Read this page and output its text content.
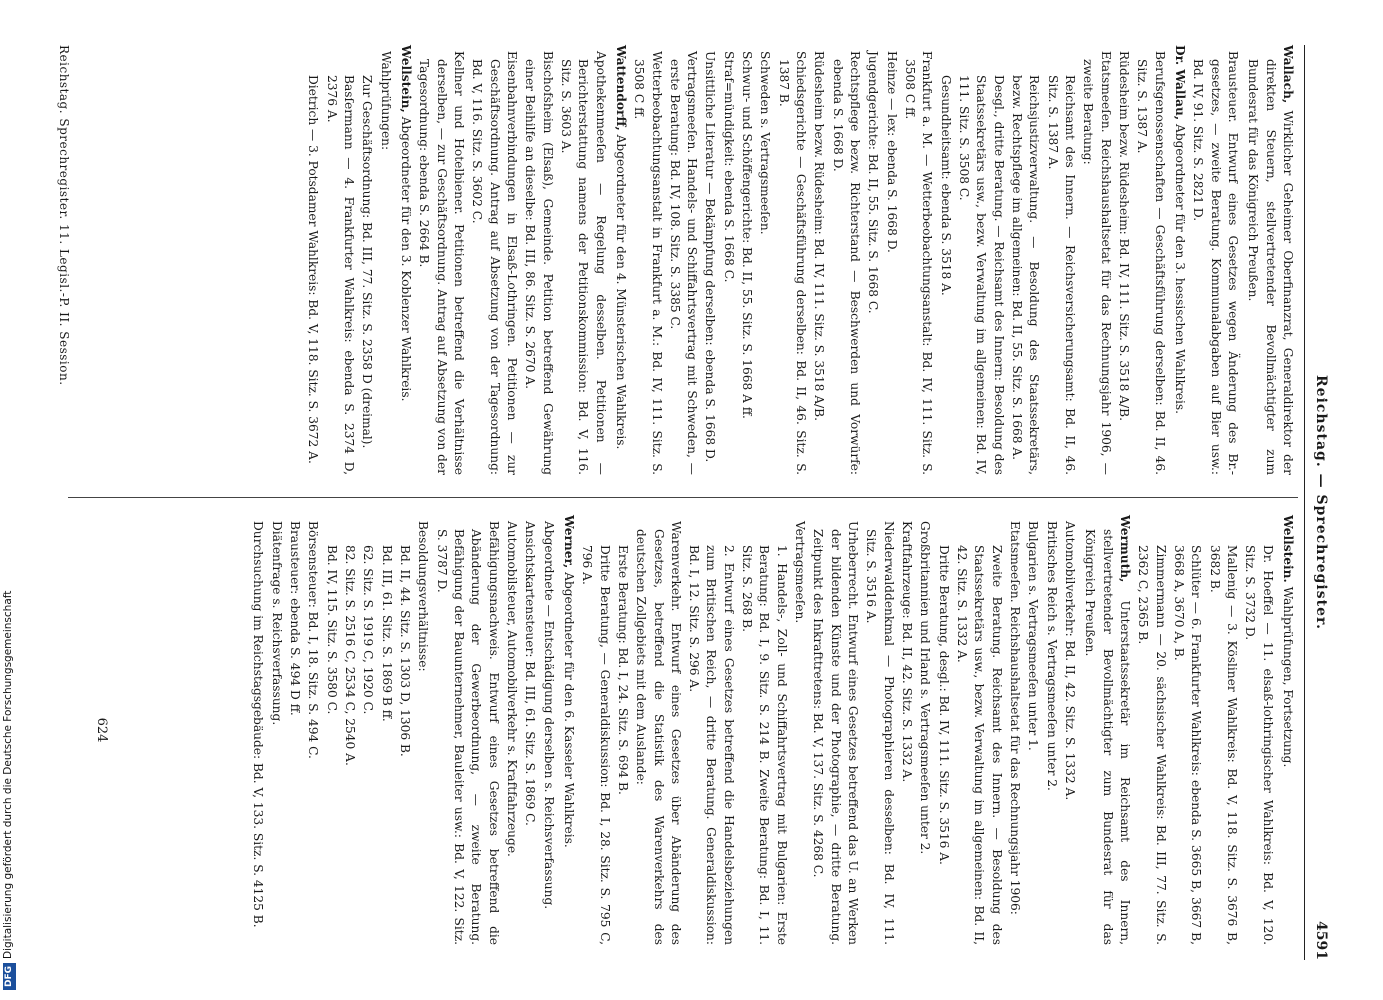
DFGDigitalisierung gefördert durch die Deutsche Forschungsgemeinschaft
Reichstag. — Sprechregister.
4591
Wallach, Wirklicher Geheimer Oberfinanzrat, Generaldirektor der direkten Steuern, stellvertretender Bevollmächtigter zum Bundesrat für das Königreich Preußen.
Brausteuer. Entwurf eines Gesetzes wegen Änderung des Br.-gesetzes, — zweite Beratung. Kommunalabgaben auf Bier usw.: Bd. IV, 91. Sitz. S. 2821 D.
Dr. Wallau, Abgeordneter für den 3. hessischen Wahlkreis.
Berufsgenossenschaften — Geschäftsführung derselben: Bd. II, 46. Sitz. S. 1387 A.
Rüdesheim bezw. Rüdesheim: Bd. IV, 111. Sitz. S. 3518 A/B.
Etatsmeeſen. Reichshaushaltsetat für das Rechnungsjahr 1906, — zweite Beratung:
Reichsamt des Innern. — Reichsversicherungsamt: Bd. II, 46. Sitz. S. 1387 A.
Reichsjustizverwaltung. — Besoldung des Staatssekretärs, bezw. Rechtspflege im allgemeinen: Bd. II, 55. Sitz. S. 1668 A.
Desgl., dritte Beratung. — Reichsamt des Innern: Besoldung des Staatssekretärs usw., bezw. Verwaltung im allgemeinen: Bd. IV, 111. Sitz. S. 3508 C.
Gesundheitsamt: ebenda S. 3518 A.
Frankfurt a. M. — Wetterbeobachtungsanstalt: Bd. IV, 111. Sitz. S. 3508 C ff.
Heinze — lex: ebenda S. 1668 D.
Jugendgerichte: Bd. II, 55. Sitz. S. 1668 C.
Rechtspflege bezw. Richterstand — Beschwerden und Vorwürfe: ebenda S. 1668 D.
Rüdesheim bezw. Rüdesheim: Bd. IV, 111. Sitz. S. 3518 A/B.
Schiedsgerichte — Geschäftsführung derselben: Bd. II, 46. Sitz. S. 1387 B.
Schweden s. Vertragsmeeſen.
Schwur- und Schöffengerichte: Bd. II, 55. Sitz. S. 1668 A ff.
Straf=mündigkeit: ebenda S. 1668 C.
Unsittliche Literatur — Bekämpfung derselben: ebenda S. 1668 D.
Vertragsmeeſen. Handels- und Schiffahrtsvertrag mit Schweden, — erste Beratung: Bd. IV, 108. Sitz. S. 3385 C.
Wetterbeobachtungsanstalt in Frankfurt a. M.: Bd. IV, 111. Sitz. S. 3508 C ff.
Wattendorff, Abgeordneter für den 4. Münsterischen Wahlkreis.
Apothekenmeeſen — Regelung desselben. Petitionen — Berichterstattung namens der Petitionskommission: Bd. V, 116. Sitz. S. 3603 A.
Bischofsheim (Elsaß), Gemeinde. Petition betreffend Gewährung einer Beihilfe an dieselbe: Bd. III, 86. Sitz. S. 2670 A.
Eisenbahnverbindungen in Elsaß-Lothringen. Petitionen — zur Geschäftsordnung. Antrag auf Absetzung von der Tagesordnung: Bd. V, 116. Sitz. S. 3602 C.
Kellner und Hotelbiener. Petitionen betreffend die Verhältnisse derselben, — zur Geschäftsordnung. Antrag auf Absetzung von der Tagesordnung: ebenda S. 2664 B.
Wellstein, Abgeordneter für den 3. Koblenzer Wahlkreis.
Wahlprüfungen:
Zur Geschäftsordnung: Bd. III, 77. Sitz. S. 2358 D (dreimal).
Basſermann — 4. Frankfurter Wahlkreis: ebenda S. 2374 D, 2376 A.
Dietrich — 3. Potsdamer Wahlkreis: Bd. V, 118. Sitz. S. 3672 A.
Wellstein. Wahlprüfungen, Fortsetzung.
Dr. Hoeffel — 11. elsaß-lothringischer Wahlkreis: Bd. V, 120. Sitz. S. 3732 D.
Mallenig — 3. Kösliner Wahlkreis: Bd. V, 118. Sitz. S. 3676 B, 3682 B.
Schlüter — 6. Frankfurter Wahlkreis: ebenda S. 3665 B, 3667 B, 3668 A, 3670 A, B.
Zimmermann — 20. sächsischer Wahlkreis: Bd. III, 77. Sitz. S. 2362 C, 2365 B.
Wermuth, Unterstaatssekretär im Reichsamt des Innern, stellvertretender Bevollmächtigter zum Bundesrat für das Königreich Preußen.
Automobilverkehr: Bd. II, 42. Sitz. S. 1332 A.
Britisches Reich s. Vertragsmeeſen unter 2.
Bulgarien s. Vertragsmeeſen unter 1.
Etatsmeeſen. Reichshaushaltsetat für das Rechnungsjahr 1906:
Zweite Beratung. Reichsamt des Innern. — Besoldung des Staatssekretärs usw., bezw. Verwaltung im allgemeinen: Bd. II, 42. Sitz. S. 1332 A.
Dritte Beratung, desgl.: Bd. IV, 111. Sitz. S. 3516 A.
Großbritannien und Irland s. Vertragsmeeſen unter 2.
Kraftfahrzeuge: Bd. II, 42. Sitz. S. 1332 A.
Niederwalddenkmal — Photographieren desselben: Bd. IV, 111. Sitz. S. 3516 A.
Urheberrecht. Entwurf eines Gesetzes betreffend das U. an Werken der bildenden Künste und der Photographie, — dritte Beratung. Zeitpunkt des Inkrafttretens: Bd. V, 137. Sitz. S. 4268 C.
Vertragsmeeſen.
1. Handels-, Zoll- und Schiffahrtsvertrag mit Bulgarien: Erste Beratung: Bd. I, 9. Sitz. S. 214 B. Zweite Beratung: Bd. I, 11. Sitz. S. 268 B.
2. Entwurf eines Gesetzes betreffend die Handelsbeziehungen zum Britischen Reich, — dritte Beratung. Generaldiskussion: Bd. I, 12. Sitz. S. 296 A.
Warenverkehr. Entwurf eines Gesetzes über Abänderung des Gesetzes, betreffend die Statistik des Warenverkehrs des deutschen Zollgebiets mit dem Auslande:
Erste Beratung: Bd. I, 24. Sitz. S. 694 B.
Dritte Beratung, — Generaldiskussion: Bd. I, 28. Sitz. S. 795 C, 796 A.
Werner, Abgeordneter für den 6. Kasseler Wahlkreis.
Abgeordnete — Entschädigung derselben s. Reichsverfassung.
Ansichtskartensteuer: Bd. III, 61. Sitz. S. 1869 C.
Automobilsteuer, Automobilverkehr s. Kraftfahrzeuge.
Befähigungsnachweis. Entwurf eines Gesetzes betreffend die Abänderung der Gewerbeordnung, — zweite Beratung. Befähigung der Bauunternehmer, Bauleiter usw.: Bd. V, 122. Sitz. S. 3787 D.
Besoldungsverhältnisse:
Bd. II, 44. Sitz. S. 1303 D, 1306 B.
Bd. III, 61. Sitz. S. 1869 B ff.
62. Sitz. S. 1919 C, 1920 C.
82. Sitz. S. 2516 C, 2534 C, 2540 A.
Bd. IV, 115. Sitz. S. 3580 C.
Börsensteuer: Bd. I, 18. Sitz. S. 494 C.
Brausteuer: ebenda S. 494 D ff.
Diätenfrage s. Reichsverfassung.
Durchsuchung im Reichstagsgebäude: Bd. V, 133. Sitz. S. 4125 B.
624
Reichstag. Sprechregister. 11. Legisl.-P. II. Session.
